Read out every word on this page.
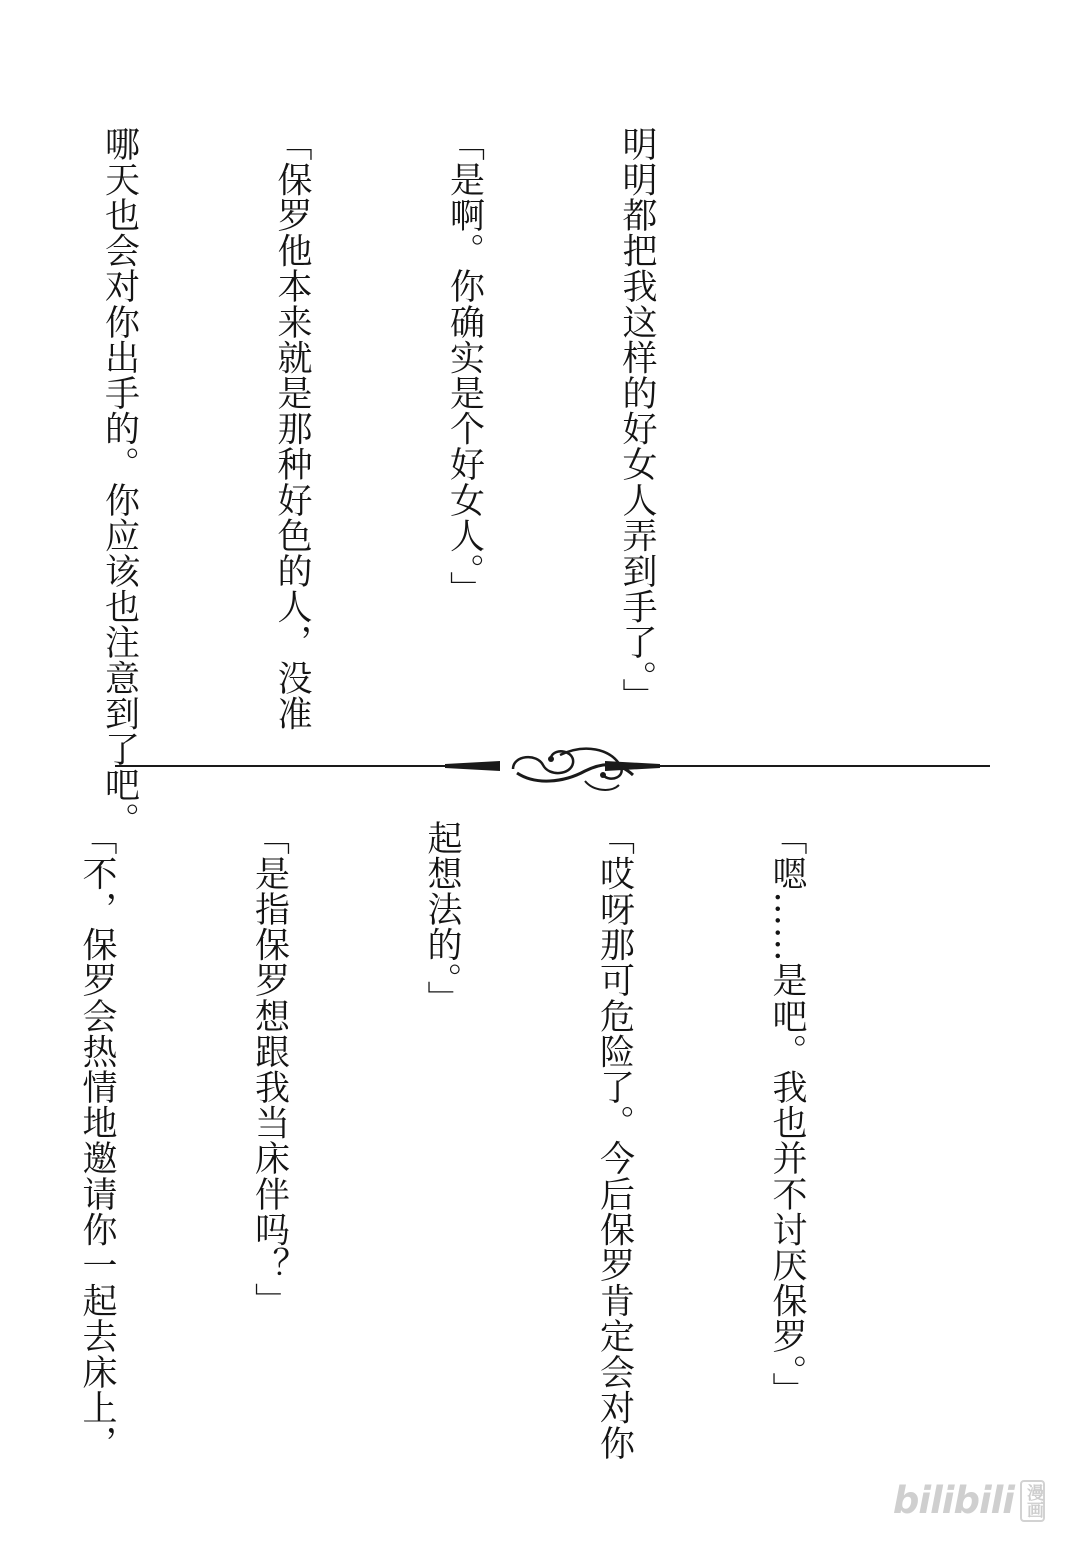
明明都把我这样的好女人弄到手了。」

「是啊。你确实是个好女人。」

「保罗他本来就是那种好色的人，没准

哪天也会对你出手的。你应该也注意到了吧。

「嗯……是吧。我也并不讨厌保罗。」

「哎呀那可危险了。今后保罗肯定会对你

起想法的。」

「是指保罗想跟我当床伴吗？」

「不，保罗会热情地邀请你一起去床上，

bilibili 漫画
